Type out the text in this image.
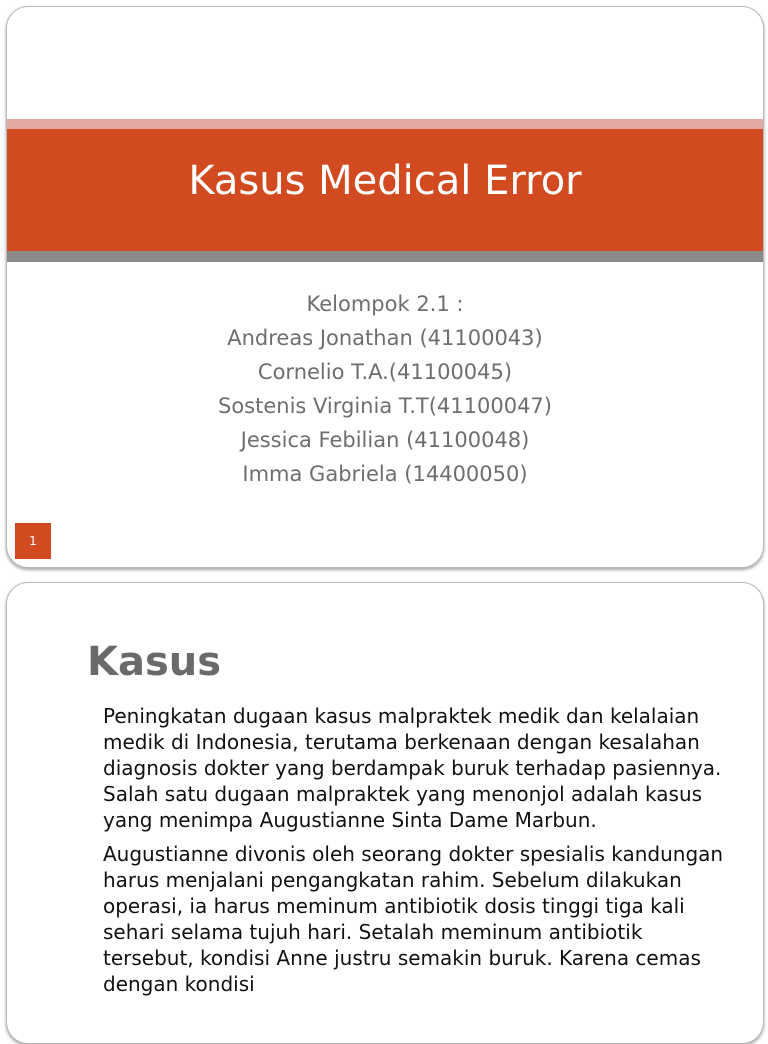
Kasus Medical Error
Kelompok 2.1 :
Andreas Jonathan (41100043)
Cornelio T.A.(41100045)
Sostenis Virginia T.T(41100047)
Jessica Febilian (41100048)
Imma Gabriela (14400050)
1
Kasus

Peningkatan dugaan kasus malpraktek medik dan kelalaian medik di Indonesia, terutama berkenaan dengan kesalahan diagnosis dokter yang berdampak buruk terhadap pasiennya. Salah satu dugaan malpraktek yang menonjol adalah kasus yang menimpa Augustianne Sinta Dame Marbun.

Augustianne divonis oleh seorang dokter spesialis kandungan harus menjalani pengangkatan rahim. Sebelum dilakukan operasi, ia harus meminum antibiotik dosis tinggi tiga kali sehari selama tujuh hari. Setalah meminum antibiotik tersebut, kondisi Anne justru semakin buruk. Karena cemas dengan kondisi
